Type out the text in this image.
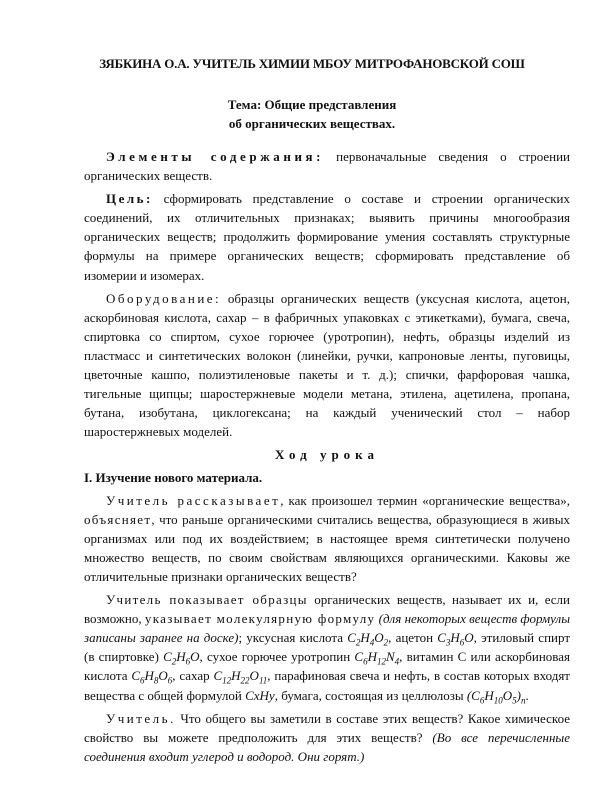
ЗЯБКИНА О.А. УЧИТЕЛЬ ХИМИИ МБОУ МИТРОФАНОВСКОЙ СОШ
Тема: Общие представления
об органических веществах.

Элементы содержания: первоначальные сведения о строении органических веществ.

Цель: сформировать представление о составе и строении органических соединений, их отличительных признаках; выявить причины многообразия органических веществ; продолжить формирование умения составлять структурные формулы на примере органических веществ; сформировать представление об изомерии и изомерах.

Оборудование: образцы органических веществ (уксусная кислота, ацетон, аскорбиновая кислота, сахар – в фабричных упаковках с этикетками), бумага, свеча, спиртовка со спиртом, сухое горючее (уротропин), нефть, образцы изделий из пластмасс и синтетических волокон (линейки, ручки, капроновые ленты, пуговицы, цветочные кашпо, полиэтиленовые пакеты и т. д.); спички, фарфоровая чашка, тигельные щипцы; шаростержневые модели метана, этилена, ацетилена, пропана, бутана, изобутана, циклогексана; на каждый ученический стол – набор шаростержневых моделей.

Ход урока
I. Изучение нового материала.

Учитель рассказывает, как произошел термин «органические вещества», объясняет, что раньше органическими считались вещества, образующиеся в живых организмах или под их воздействием; в настоящее время синтетически получено множество веществ, по своим свойствам являющихся органическими. Каковы же отличительные признаки органических веществ?

Учитель показывает образцы органических веществ, называет их и, если возможно, указывает молекулярную формулу (для некоторых веществ формулы записаны заранее на доске); уксусная кислота $C_2H_4O_2$, ацетон $C_3H_6O$, этиловый спирт (в спиртовке) $C_2H_6O$, сухое горючее уротропин $C_6H_{12}N_4$, витамин С или аскорбиновая кислота $C_6H_8O_6$, сахар $C_{12}H_{22}O_{11}$, парафиновая свеча и нефть, в состав которых входят вещества с общей формулой CxHy, бумага, состоящая из целлюлозы $(C_6H_{10}O_5)_n$.

Учитель. Что общего вы заметили в составе этих веществ? Какое химическое свойство вы можете предположить для этих веществ? (Во все перечисленные соединения входит углерод и водород. Они горят.)
